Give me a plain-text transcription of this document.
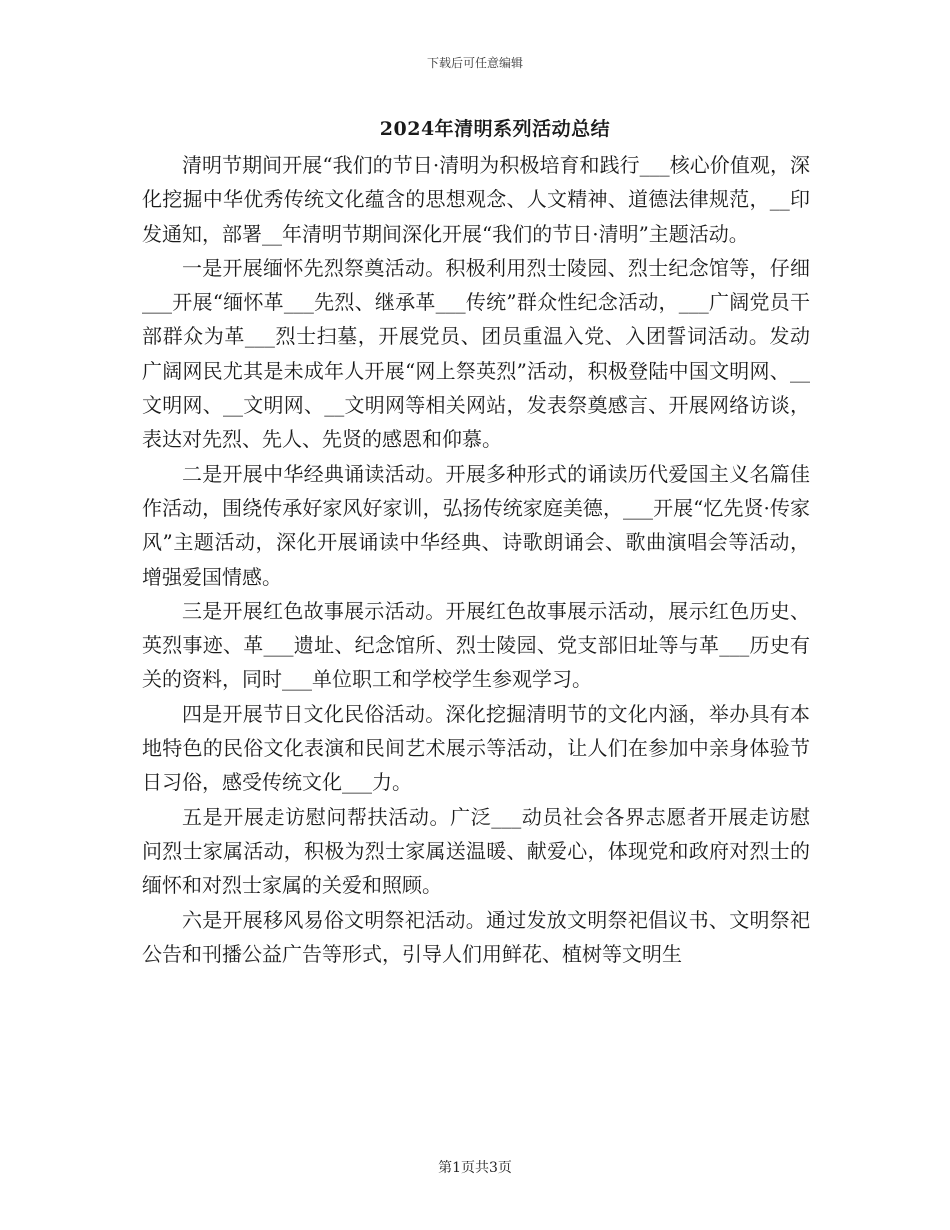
下载后可任意编辑
2024年清明系列活动总结

清明节期间开展“我们的节日·清明为积极培育和践行___核心价值观，深化挖掘中华优秀传统文化蕴含的思想观念、人文精神、道德法律规范，__印发通知，部署__年清明节期间深化开展“我们的节日·清明”主题活动。

一是开展缅怀先烈祭奠活动。积极利用烈士陵园、烈士纪念馆等，仔细___开展“缅怀革___先烈、继承革___传统”群众性纪念活动，___广阔党员干部群众为革___烈士扫墓，开展党员、团员重温入党、入团誓词活动。发动广阔网民尤其是未成年人开展“网上祭英烈”活动，积极登陆中国文明网、__文明网、__文明网、__文明网等相关网站，发表祭奠感言、开展网络访谈，表达对先烈、先人、先贤的感恩和仰慕。

二是开展中华经典诵读活动。开展多种形式的诵读历代爱国主义名篇佳作活动，围绕传承好家风好家训，弘扬传统家庭美德，___开展“忆先贤·传家风”主题活动，深化开展诵读中华经典、诗歌朗诵会、歌曲演唱会等活动，增强爱国情感。

三是开展红色故事展示活动。开展红色故事展示活动，展示红色历史、英烈事迹、革___遗址、纪念馆所、烈士陵园、党支部旧址等与革___历史有关的资料，同时___单位职工和学校学生参观学习。

四是开展节日文化民俗活动。深化挖掘清明节的文化内涵，举办具有本地特色的民俗文化表演和民间艺术展示等活动，让人们在参加中亲身体验节日习俗，感受传统文化___力。

五是开展走访慰问帮扶活动。广泛___动员社会各界志愿者开展走访慰问烈士家属活动，积极为烈士家属送温暖、献爱心，体现党和政府对烈士的缅怀和对烈士家属的关爱和照顾。

六是开展移风易俗文明祭祀活动。通过发放文明祭祀倡议书、文明祭祀公告和刊播公益广告等形式，引导人们用鲜花、植树等文明生

第1页共3页
